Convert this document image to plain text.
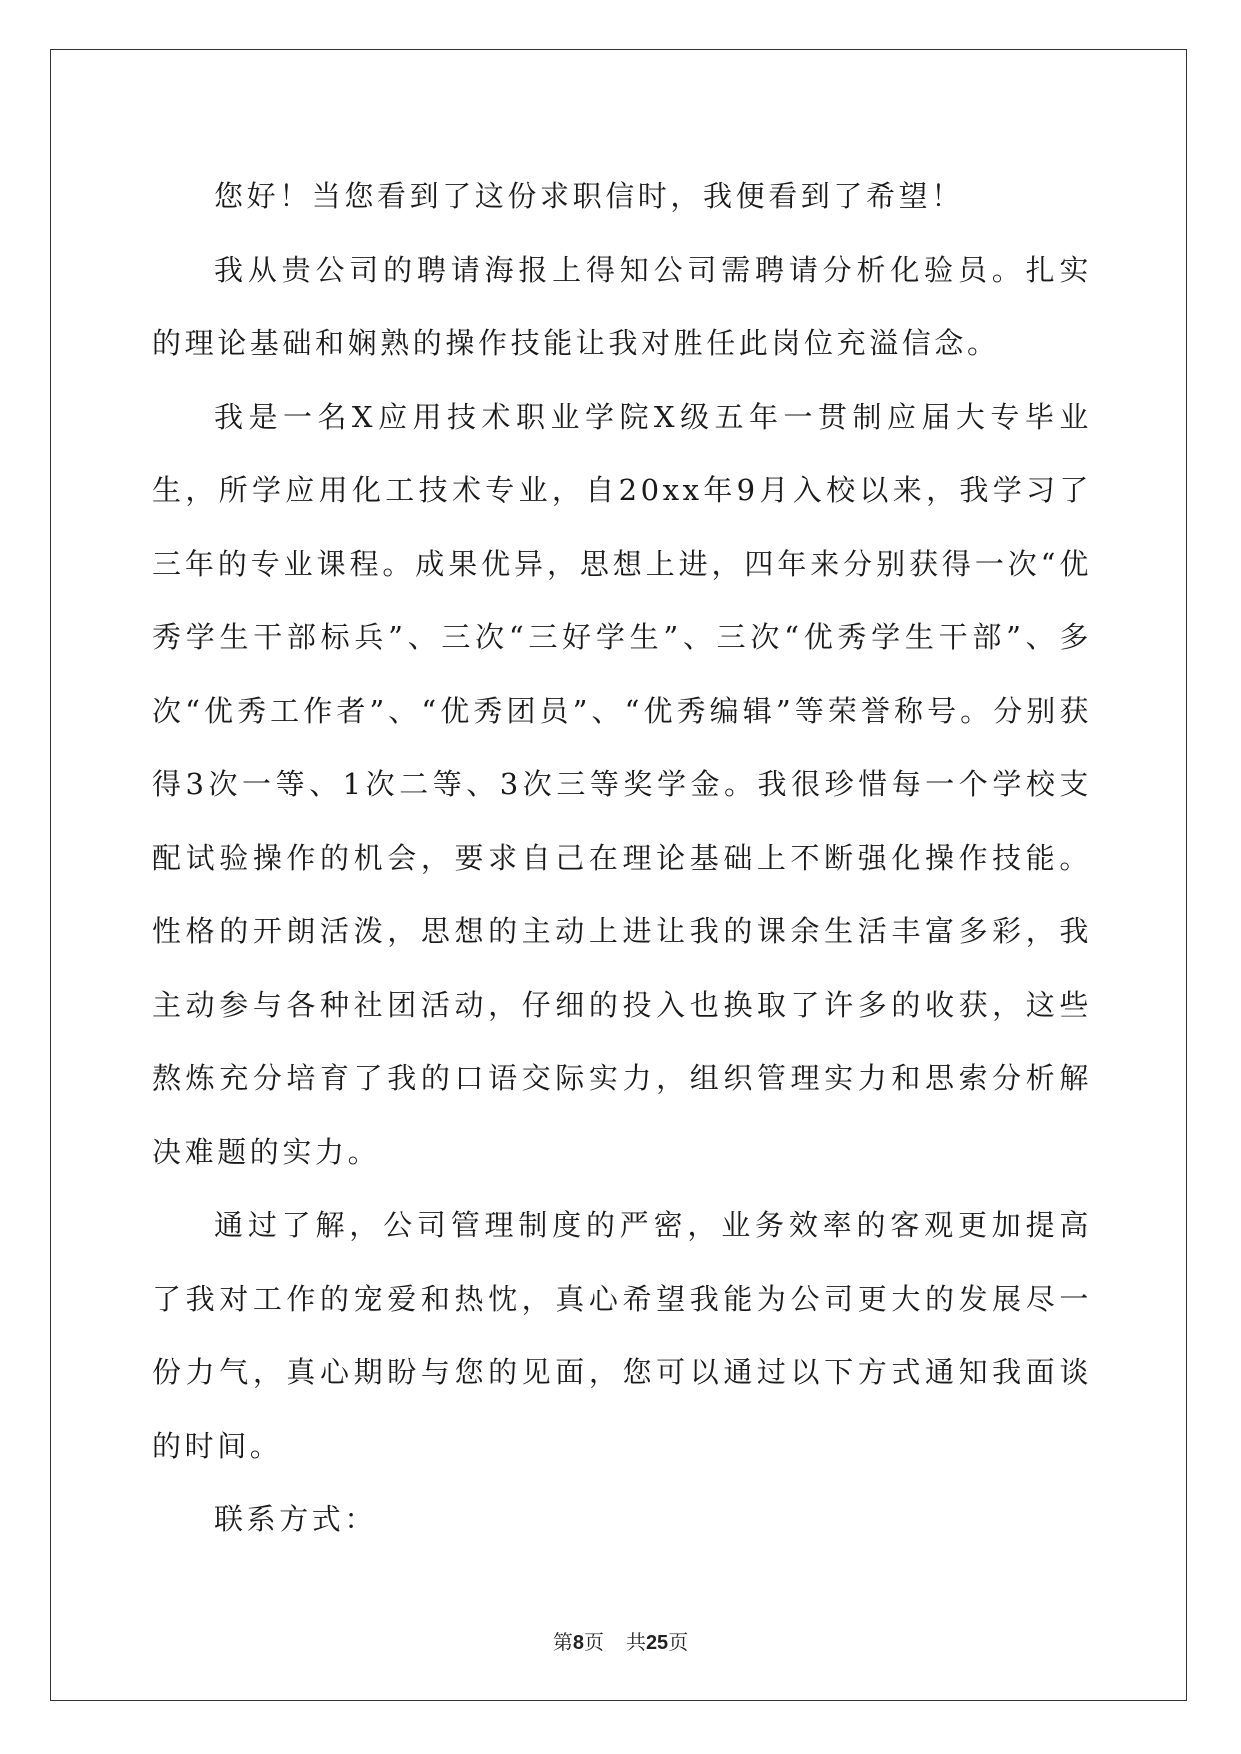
您好！当您看到了这份求职信时，我便看到了希望！

我从贵公司的聘请海报上得知公司需聘请分析化验员。扎实的理论基础和娴熟的操作技能让我对胜任此岗位充溢信念。

我是一名X应用技术职业学院X级五年一贯制应届大专毕业生，所学应用化工技术专业，自20xx年9月入校以来，我学习了三年的专业课程。成果优异，思想上进，四年来分别获得一次“优秀学生干部标兵”、三次“三好学生”、三次“优秀学生干部”、多次“优秀工作者”、“优秀团员”、“优秀编辑”等荣誉称号。分别获得3次一等、1次二等、3次三等奖学金。我很珍惜每一个学校支配试验操作的机会，要求自己在理论基础上不断强化操作技能。性格的开朗活泼，思想的主动上进让我的课余生活丰富多彩，我主动参与各种社团活动，仔细的投入也换取了许多的收获，这些熬炼充分培育了我的口语交际实力，组织管理实力和思索分析解决难题的实力。

通过了解，公司管理制度的严密，业务效率的客观更加提高了我对工作的宠爱和热忱，真心希望我能为公司更大的发展尽一份力气，真心期盼与您的见面，您可以通过以下方式通知我面谈的时间。

联系方式：

第8页 共25页
